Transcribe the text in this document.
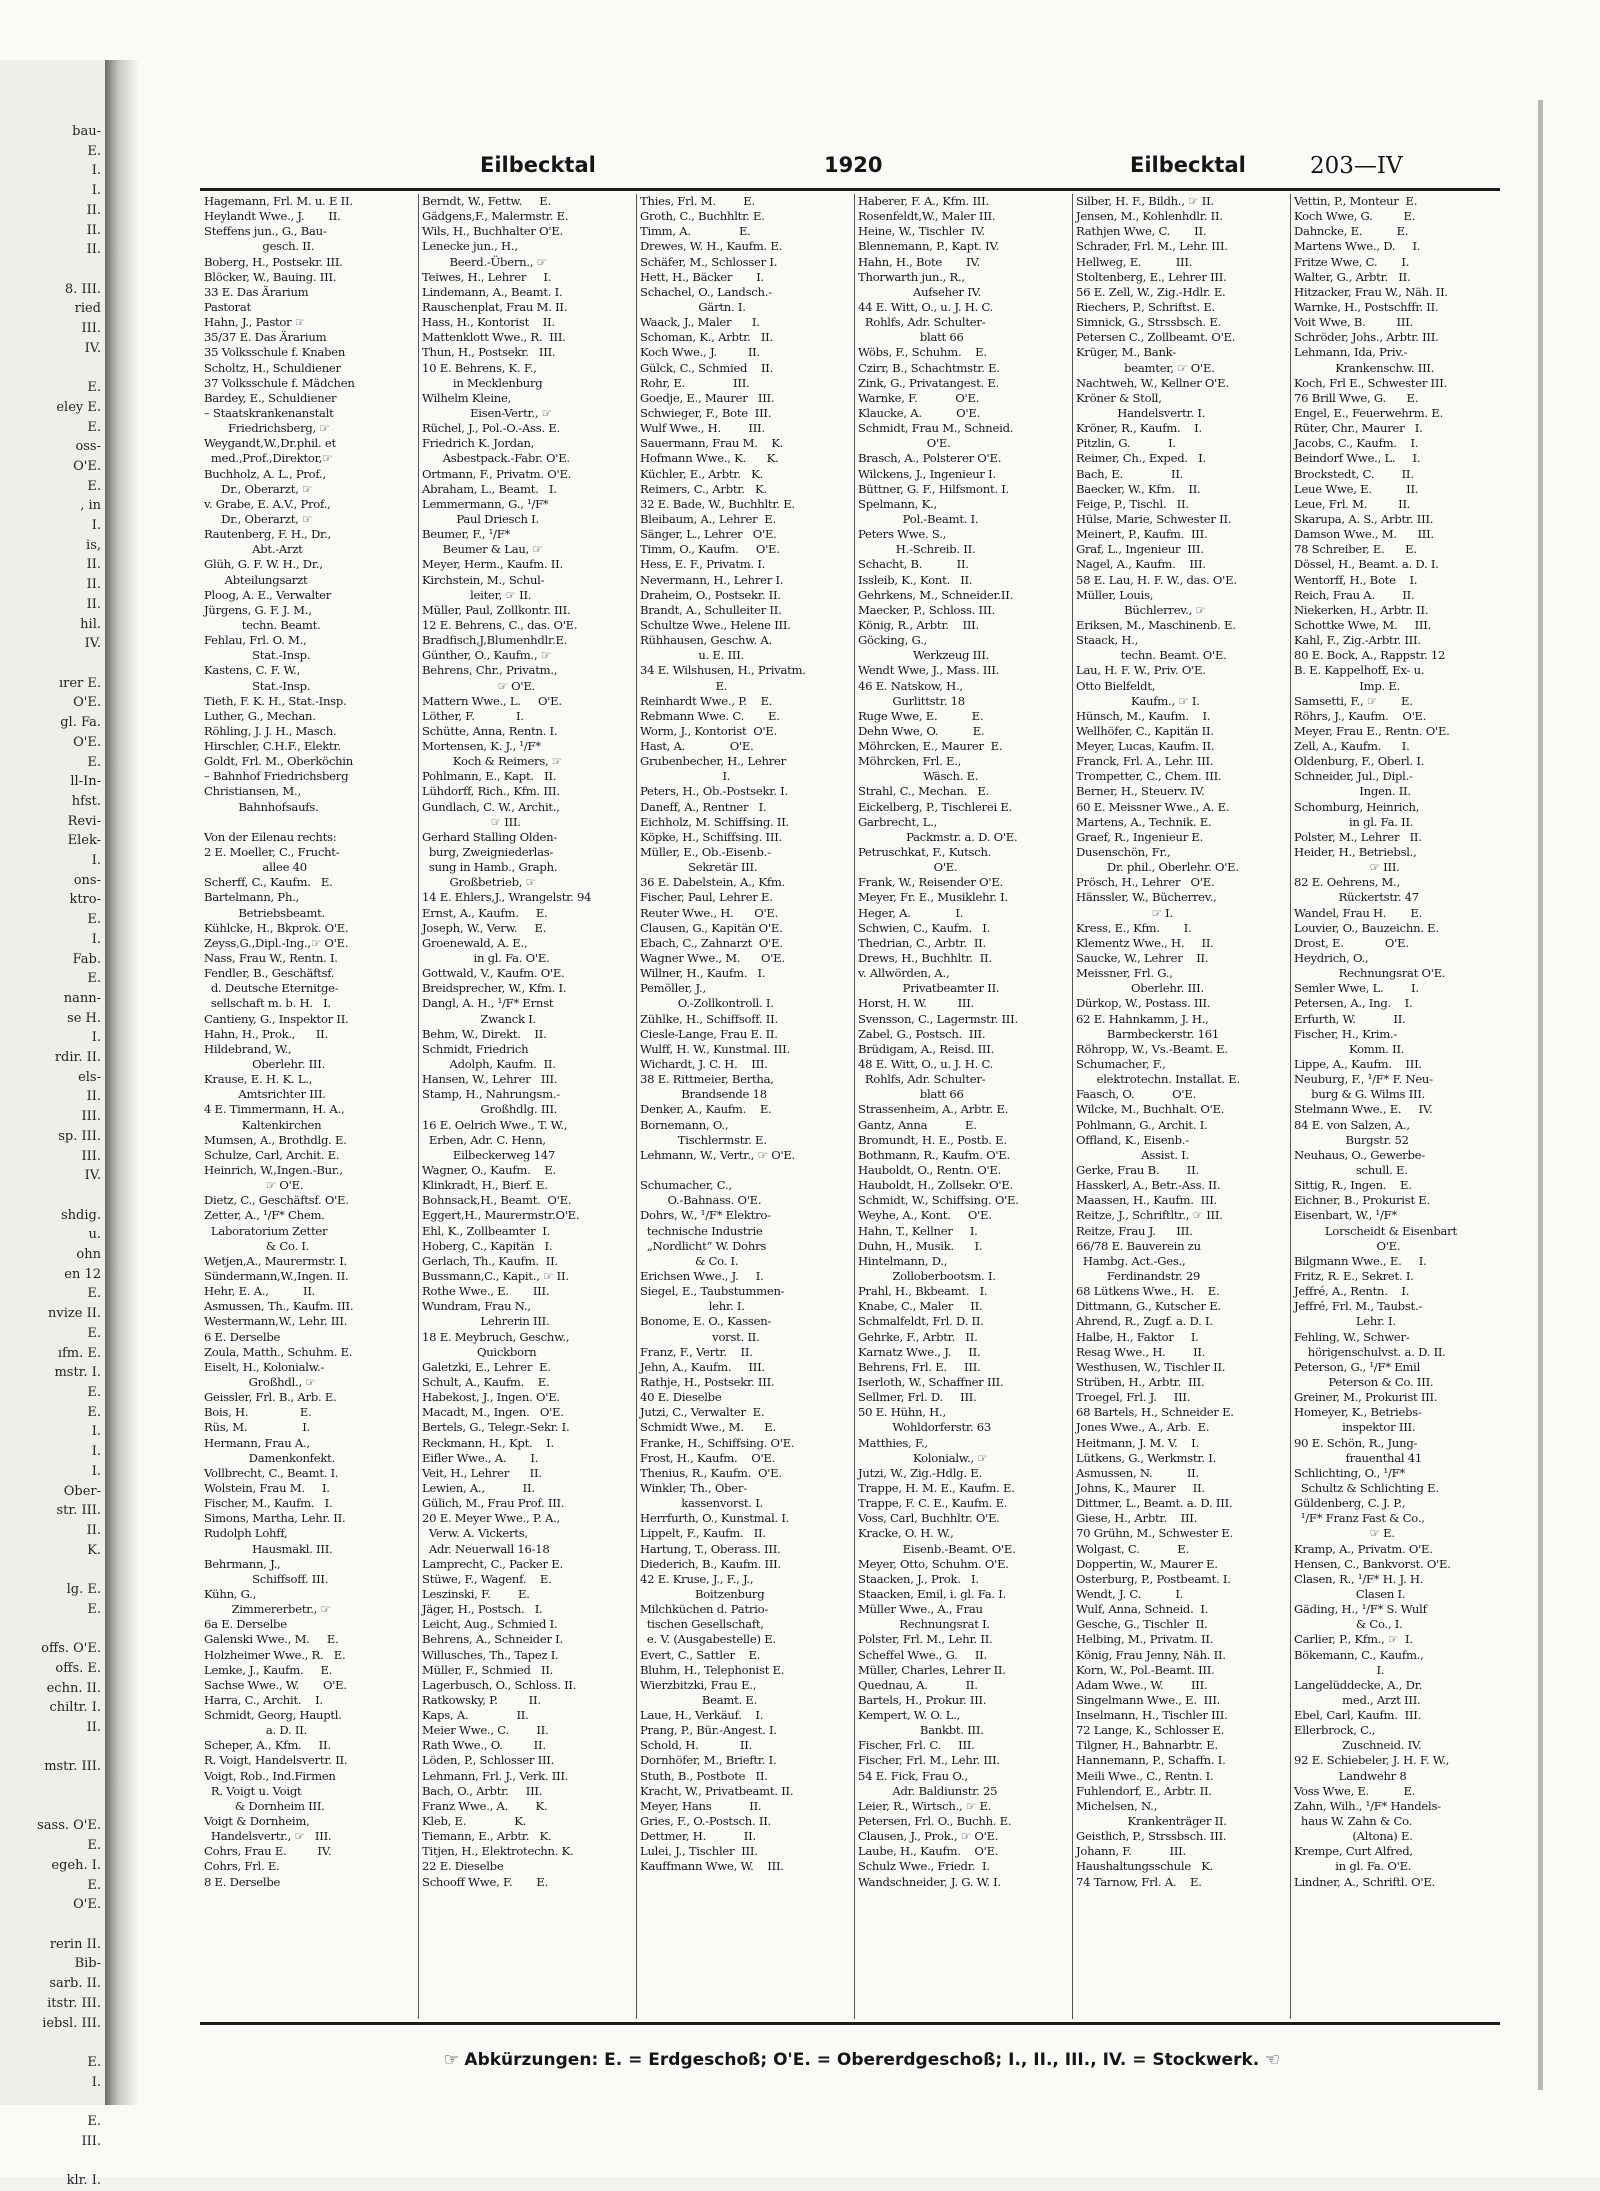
bau-
E.
I.
I.
II.
II.
II.

8. III.
ried
III.
IV.

E.
eley E.
E.
oss-
O'E.
E.
, in
I.
is,
II.
II.
II.
hil.
IV.

ırer E.
O'E.
gl. Fa.
O'E.
E.
ll-In-
hfst.
Revi-
Elek-
I.
ons-
ktro-
E.
I.
Fab.
E.
nann-
se H.
I.
rdir. II.
els-
II.
III.
sp. III.
III.
IV.

shdig.
u.
ohn
en 12
E.
nvize II.
E.
ıfm. E.
mstr. I.
E.
E.
I.
I.
I.
Ober-
str. III.
II.
K.

lg. E.
E.

offs. O'E.
offs. E.
echn. II.
chiltr. I.
II.

mstr. III.

sass. O'E.
E.
egeh. I.
E.
O'E.

rerin II.
Bib-
sarb. II.
itstr. III.
iebsl. III.

E.
I.

E.
III.

klr. I.
Eilbecktal	1920	Eilbecktal	203—IV
Hagemann, Frl. M. u. E II.
Heylandt Wwe., J.       II.
Steffens jun., G., Bau-
gesch. II.
Boberg, H., Postsekr. III.
Blöcker, W., Bauing. III.
33 E. Das Ärarium
Pastorat
Hahn, J., Pastor ☞
35/37 E. Das Ärarium
35 Volksschule f. Knaben
Scholtz, H., Schuldiener
37 Volksschule f. Mädchen
Bardey, E., Schuldiener
– Staatskrankenanstalt
Friedrichsberg, ☞
Weygandt,W.,Dr.phil. et
med.,Prof.,Direktor,☞
Buchholz, A. L., Prof.,
Dr., Oberarzt, ☞
v. Grabe, E. A.V., Prof.,
Dr., Oberarzt, ☞
Rautenberg, F. H., Dr.,
Abt.-Arzt
Glüh, G. F. W. H., Dr.,
Abteilungsarzt
Ploog, A. E., Verwalter
Jürgens, G. F. J. M.,
techn. Beamt.
Fehlau, Frl. O. M.,
Stat.-Insp.
Kastens, C. F. W.,
Stat.-Insp.
Tieth, F. K. H., Stat.-Insp.
Luther, G., Mechan.
Röhling, J. J. H., Masch.
Hirschler, C.H.F., Elektr.
Goldt, Frl. M., Oberköchin
– Bahnhof Friedrichsberg
Christiansen, M.,
Bahnhofsaufs.
Von der Eilenau rechts:
2 E. Moeller, C., Frucht-
allee 40
Scherff, C., Kaufm.   E.
Bartelmann, Ph.,
Betriebsbeamt.
Kühlcke, H., Bkprok. O'E.
Zeyss,G.,Dipl.-Ing.,☞ O'E.
Nass, Frau W., Rentn. I.
Fendler, B., Geschäftsf.
d. Deutsche Eternitge-
sellschaft m. b. H.   I.
Cantieny, G., Inspektor II.
Hahn, H., Prok.,      II.
Hildebrand, W.,
Oberlehr. III.
Krause, E. H. K. L.,
Amtsrichter III.
4 E. Timmermann, H. A.,
Kaltenkirchen
Mumsen, A., Brothdlg. E.
Schulze, Carl, Archit. E.
Heinrich, W.,Ingen.-Bur.,
☞ O'E.
Dietz, C., Geschäftsf. O'E.
Zetter, A., ¹/F* Chem.
Laboratorium Zetter
& Co. I.
Wetjen,A., Maurermstr. I.
Sündermann,W.,Ingen. II.
Hehr, E. A.,          II.
Asmussen, Th., Kaufm. III.
Westermann,W., Lehr. III.
6 E. Derselbe
Zoula, Matth., Schuhm. E.
Eiselt, H., Kolonialw.-
Großhdl., ☞
Geissler, Frl. B., Arb. E.
Bois, H.               E.
Rüs, M.                I.
Hermann, Frau A.,
Damenkonfekt.
Vollbrecht, C., Beamt. I.
Wolstein, Frau M.     I.
Fischer, M., Kaufm.   I.
Simons, Martha, Lehr. II.
Rudolph Lohff,
Hausmakl. III.
Behrmann, J.,
Schiffsoff. III.
Kühn, G.,
Zimmererbetr., ☞
6a E. Derselbe
Galenski Wwe., M.     E.
Holzheimer Wwe., R.   E.
Lemke, J., Kaufm.     E.
Sachse Wwe., W.       O'E.
Harra, C., Archit.    I.
Schmidt, Georg, Hauptl.
a. D. II.
Scheper, A., Kfm.     II.
R. Voigt, Handelsvertr. II.
Voigt, Rob., Ind.Firmen
R. Voigt u. Voigt
& Dornheim III.
Voigt & Dornheim,
Handelsvertr., ☞   III.
Cohrs, Frau E.         IV.
Cohrs, Frl. E.
8 E. Derselbe
Berndt, W., Fettw.     E.
Gädgens,F., Malermstr. E.
Wils, H., Buchhalter O'E.
Lenecke jun., H.,
Beerd.-Übern., ☞
Teiwes, H., Lehrer     I.
Lindemann, A., Beamt. I.
Rauschenplat, Frau M. II.
Hass, H., Kontorist    II.
Mattenklott Wwe., R.  III.
Thun, H., Postsekr.   III.
10 E. Behrens, K. F.,
in Mecklenburg
Wilhelm Kleine,
Eisen-Vertr., ☞
Rüchel, J., Pol.-O.-Ass. E.
Friedrich K. Jordan,
Asbestpack.-Fabr. O'E.
Ortmann, F., Privatm. O'E.
Abraham, L., Beamt.   I.
Lemmermann, G., ¹/F*
Paul Driesch I.
Beumer, F., ¹/F*
Beumer & Lau, ☞
Meyer, Herm., Kaufm. II.
Kirchstein, M., Schul-
leiter, ☞ II.
Müller, Paul, Zollkontr. III.
12 E. Behrens, C., das. O'E.
Bradfisch,J,Blumenhdlr.E.
Günther, O., Kaufm., ☞
Behrens, Chr., Privatm.,
☞ O'E.
Mattern Wwe., L.     O'E.
Löther, F.            I.
Schütte, Anna, Rentn. I.
Mortensen, K. J., ¹/F*
Koch & Reimers, ☞
Pohlmann, E., Kapt.   II.
Lühdorff, Rich., Kfm. III.
Gundlach, C. W., Archit.,
☞ III.
Gerhard Stalling Olden-
burg, Zweigniederlas-
sung in Hamb., Graph.
Großbetrieb, ☞
14 E. Ehlers,J., Wrangelstr. 94
Ernst, A., Kaufm.     E.
Joseph, W., Verw.     E.
Groenewald, A. E.,
in gl. Fa. O'E.
Gottwald, V., Kaufm. O'E.
Breidsprecher, W., Kfm. I.
Dangl, A. H., ¹/F* Ernst
Zwanck I.
Behm, W., Direkt.    II.
Schmidt, Friedrich
Adolph, Kaufm.  II.
Hansen, W., Lehrer   III.
Stamp, H., Nahrungsm.-
Großhdlg. III.
16 E. Oelrich Wwe., T. W.,
Erben, Adr. C. Henn,
Eilbeckerweg 147
Wagner, O., Kaufm.    E.
Klinkradt, H., Bierf. E.
Bohnsack,H., Beamt.  O'E.
Eggert,H., Maurermstr.O'E.
Ehl, K., Zollbeamter  I.
Hoberg, C., Kapitän   I.
Gerlach, Th., Kaufm.  II.
Bussmann,C., Kapit., ☞ II.
Rothe Wwe., E.       III.
Wundram, Frau N.,
Lehrerin III.
18 E. Meybruch, Geschw.,
Quickborn
Galetzki, E., Lehrer  E.
Schult, A., Kaufm.    E.
Habekost, J., Ingen. O'E.
Macadt, M., Ingen.   O'E.
Bertels, G., Telegr.-Sekr. I.
Reckmann, H., Kpt.    I.
Eifler Wwe., A.       I.
Veit, H., Lehrer      II.
Lewien, A.,           II.
Gülich, M., Frau Prof. III.
20 E. Meyer Wwe., P. A.,
Verw. A. Vickerts,
Adr. Neuerwall 16-18
Lamprecht, C., Packer E.
Stüwe, F., Wagenf.    E.
Leszinski, F.        E.
Jäger, H., Postsch.   I.
Leicht, Aug., Schmied I.
Behrens, A., Schneider I.
Willusches, Th., Tapez I.
Müller, F., Schmied   II.
Lagerbusch, O., Schloss. II.
Ratkowsky, P.         II.
Kaps, A.              II.
Meier Wwe., C.        II.
Rath Wwe., O.         II.
Löden, P., Schlosser III.
Lehmann, Frl. J., Verk. III.
Bach, O., Arbtr.     III.
Franz Wwe., A.        K.
Kleb, E.              K.
Tiemann, E., Arbtr.   K.
Titjen, H., Elektrotechn. K.
22 E. Dieselbe
Schooff Wwe, F.       E.
Thies, Frl. M.        E.
Groth, C., Buchhltr. E.
Timm, A.              E.
Drewes, W. H., Kaufm. E.
Schäfer, M., Schlosser I.
Hett, H., Bäcker       I.
Schachel, O., Landsch.-
Gärtn. I.
Waack, J., Maler      I.
Schoman, K., Arbtr.   II.
Koch Wwe., J.         II.
Gülck, C., Schmied    II.
Rohr, E.              III.
Goedje, E., Maurer   III.
Schwieger, F., Bote  III.
Wulf Wwe., H.        III.
Sauermann, Frau M.    K.
Hofmann Wwe., K.      K.
Küchler, E., Arbtr.   K.
Reimers, C., Arbtr.   K.
32 E. Bade, W., Buchhltr. E.
Bleibaum, A., Lehrer  E.
Sänger, L., Lehrer   O'E.
Timm, O., Kaufm.     O'E.
Hess, E. F., Privatm. I.
Nevermann, H., Lehrer I.
Draheim, O., Postsekr. II.
Brandt, A., Schulleiter II.
Schultze Wwe., Helene III.
Rühhausen, Geschw. A.
u. E. III.
34 E. Wilshusen, H., Privatm.
E.
Reinhardt Wwe., P.    E.
Rebmann Wwe. C.       E.
Worm, J., Kontorist  O'E.
Hast, A.             O'E.
Grubenbecher, H., Lehrer
I.
Peters, H., Ob.-Postsekr. I.
Daneff, A., Rentner   I.
Eichholz, M. Schiffsing. II.
Köpke, H., Schiffsing. III.
Müller, E., Ob.-Eisenb.-
Sekretär III.
36 E. Dabelstein, A., Kfm.
Fischer, Paul, Lehrer E.
Reuter Wwe., H.      O'E.
Clausen, G., Kapitän O'E.
Ebach, C., Zahnarzt  O'E.
Wagner Wwe., M.      O'E.
Willner, H., Kaufm.   I.
Pemöller, J.,
O.-Zollkontroll. I.
Zühlke, H., Schiffsoff. II.
Ciesle-Lange, Frau E. II.
Wulff, H. W., Kunstmal. III.
Wichardt, J. C. H.    III.
38 E. Rittmeier, Bertha,
Brandsende 18
Denker, A., Kaufm.    E.
Bornemann, O.,
Tischlermstr. E.
Lehmann, W., Vertr., ☞ O'E.
Schumacher, C.,
O.-Bahnass. O'E.
Dohrs, W., ¹/F* Elektro-
technische Industrie
„Nordlicht“ W. Dohrs
& Co. I.
Erichsen Wwe., J.     I.
Siegel, E., Taubstummen-
lehr. I.
Bonome, E. O., Kassen-
vorst. II.
Franz, F., Vertr.    II.
Jehn, A., Kaufm.     III.
Rathje, H., Postsekr. III.
40 E. Dieselbe
Jutzi, C., Verwalter  E.
Schmidt Wwe., M.      E.
Franke, H., Schiffsing. O'E.
Frost, H., Kaufm.    O'E.
Thenius, R., Kaufm.  O'E.
Winkler, Th., Ober-
kassenvorst. I.
Herrfurth, O., Kunstmal. I.
Lippelt, F., Kaufm.   II.
Hartung, T., Oberass. III.
Diederich, B., Kaufm. III.
42 E. Kruse, J., F., J.,
Boitzenburg
Milchküchen d. Patrio-
tischen Gesellschaft,
e. V. (Ausgabestelle) E.
Evert, C., Sattler    E.
Bluhm, H., Telephonist E.
Wierzbitzki, Frau E.,
Beamt. E.
Laue, H., Verkäuf.    I.
Prang, P., Bür.-Angest. I.
Schold, H.            II.
Dornhöfer, M., Brieftr. I.
Stuth, B., Postbote   II.
Kracht, W., Privatbeamt. II.
Meyer, Hans           II.
Gries, F., O.-Postsch. II.
Dettmer, H.           II.
Lulei, J., Tischler  III.
Kauffmann Wwe, W.    III.
Haberer, F. A., Kfm. III.
Rosenfeldt,W., Maler III.
Heine, W., Tischler  IV.
Blennemann, P., Kapt. IV.
Hahn, H., Bote       IV.
Thorwarth jun., R.,
Aufseher IV.
44 E. Witt, O., u. J. H. C.
Rohlfs, Adr. Schulter-
blatt 66
Wöbs, F., Schuhm.    E.
Czirr, B., Schachtmstr. E.
Zink, G., Privatangest. E.
Warnke, F.           O'E.
Klaucke, A.          O'E.
Schmidt, Frau M., Schneid.
O'E.
Brasch, A., Polsterer O'E.
Wilckens, J., Ingenieur I.
Büttner, G. F., Hilfsmont. I.
Spelmann, K.,
Pol.-Beamt. I.
Peters Wwe. S.,
H.-Schreib. II.
Schacht, B.          II.
Issleib, K., Kont.   II.
Gehrkens, M., Schneider.II.
Maecker, P., Schloss. III.
König, R., Arbtr.    III.
Göcking, G.,
Werkzeug III.
Wendt Wwe, J., Mass. III.
46 E. Natskow, H.,
Gurlittstr. 18
Ruge Wwe, E.          E.
Dehn Wwe, O.          E.
Möhrcken, E., Maurer  E.
Möhrcken, Frl. E.,
Wäsch. E.
Strahl, C., Mechan.   E.
Eickelberg, P., Tischlerei E.
Garbrecht, L.,
Packmstr. a. D. O'E.
Petruschkat, F., Kutsch.
O'E.
Frank, W., Reisender O'E.
Meyer, Fr. E., Musiklehr. I.
Heger, A.             I.
Schwien, C., Kaufm.   I.
Thedrian, C., Arbtr.  II.
Drews, H., Buchhltr.  II.
v. Allwörden, A.,
Privatbeamter II.
Horst, H. W.         III.
Svensson, C., Lagermstr. III.
Zabel, G., Postsch.  III.
Brüdigam, A., Reisd. III.
48 E. Witt, O., u. J. H. C.
Rohlfs, Adr. Schulter-
blatt 66
Strassenheim, A., Arbtr. E.
Gantz, Anna           E.
Bromundt, H. E., Postb. E.
Bothmann, R., Kaufm. O'E.
Hauboldt, O., Rentn. O'E.
Hauboldt, H., Zollsekr. O'E.
Schmidt, W., Schiffsing. O'E.
Weyhe, A., Kont.     O'E.
Hahn, T., Kellner     I.
Duhn, H., Musik.      I.
Hintelmann, D.,
Zolloberbootsm. I.
Prahl, H., Bkbeamt.   I.
Knabe, C., Maler     II.
Schmalfeldt, Frl. D. II.
Gehrke, F., Arbtr.   II.
Karnatz Wwe., J.     II.
Behrens, Frl. E.     III.
Iserloth, W., Schaffner III.
Sellmer, Frl. D.     III.
50 E. Hühn, H.,
Wohldorferstr. 63
Matthies, F.,
Kolonialw., ☞
Jutzi, W., Zig.-Hdlg. E.
Trappe, H. M. E., Kaufm. E.
Trappe, F. C. E., Kaufm. E.
Voss, Carl, Buchhltr. O'E.
Kracke, O. H. W.,
Eisenb.-Beamt. O'E.
Meyer, Otto, Schuhm. O'E.
Staacken, J., Prok.   I.
Staacken, Emil, i. gl. Fa. I.
Müller Wwe., A., Frau
Rechnungsrat I.
Polster, Frl. M., Lehr. II.
Scheffel Wwe., G.     II.
Müller, Charles, Lehrer II.
Quednau, A.           II.
Bartels, H., Prokur. III.
Kempert, W. O. L.,
Bankbt. III.
Fischer, Frl. C.     III.
Fischer, Frl. M., Lehr. III.
54 E. Fick, Frau O.,
Adr. Baldiunstr. 25
Leier, R., Wirtsch., ☞ E.
Petersen, Frl. O., Buchh. E.
Clausen, J., Prok., ☞ O'E.
Laube, H., Kaufm.    O'E.
Schulz Wwe., Friedr.  I.
Wandschneider, J. G. W. I.
Silber, H. F., Bildh., ☞ II.
Jensen, M., Kohlenhdlr. II.
Rathjen Wwe, C.       II.
Schrader, Frl. M., Lehr. III.
Hellweg, E.          III.
Stoltenberg, E., Lehrer III.
56 E. Zell, W., Zig.-Hdlr. E.
Riechers, P., Schriftst. E.
Simnick, G., Strssbsch. E.
Petersen C., Zollbeamt. O'E.
Krüger, M., Bank-
beamter, ☞ O'E.
Nachtweh, W., Kellner O'E.
Kröner & Stoll,
Handelsvertr. I.
Kröner, R., Kaufm.    I.
Pitzlin, G.           I.
Reimer, Ch., Exped.   I.
Bach, E.              II.
Baecker, W., Kfm.    II.
Feige, P., Tischl.   II.
Hülse, Marie, Schwester II.
Meinert, P., Kaufm.  III.
Graf, L., Ingenieur  III.
Nagel, A., Kaufm.    III.
58 E. Lau, H. F. W., das. O'E.
Müller, Louis,
Büchlerrev., ☞
Eriksen, M., Maschinenb. E.
Staack, H.,
techn. Beamt. O'E.
Lau, H. F. W., Priv. O'E.
Otto Bielfeldt,
Kaufm., ☞ I.
Hünsch, M., Kaufm.    I.
Wellhöfer, C., Kapitän II.
Meyer, Lucas, Kaufm. II.
Franck, Frl. A., Lehr. III.
Trompetter, C., Chem. III.
Berner, H., Steuerv. IV.
60 E. Meissner Wwe., A. E.
Martens, A., Technik. E.
Graef, R., Ingenieur E.
Dusenschön, Fr.,
Dr. phil., Oberlehr. O'E.
Prösch, H., Lehrer   O'E.
Hänssler, W., Bücherrev.,
☞ I.
Kress, E., Kfm.       I.
Klementz Wwe., H.     II.
Saucke, W., Lehrer    II.
Meissner, Frl. G.,
Oberlehr. III.
Dürkop, W., Postass. III.
62 E. Hahnkamm, J. H.,
Barmbeckerstr. 161
Röhropp, W., Vs.-Beamt. E.
Schumacher, F.,
elektrotechn. Installat. E.
Faasch, O.           O'E.
Wilcke, M., Buchhalt. O'E.
Pohlmann, G., Archit. I.
Offland, K., Eisenb.-
Assist. I.
Gerke, Frau B.        II.
Hasskerl, A., Betr.-Ass. II.
Maassen, H., Kaufm.  III.
Reitze, J., Schriftltr., ☞ III.
Reitze, Frau J.      III.
66/78 E. Bauverein zu
Hambg. Act.-Ges.,
Ferdinandstr. 29
68 Lütkens Wwe., H.    E.
Dittmann, G., Kutscher E.
Ahrend, R., Zugf. a. D. I.
Halbe, H., Faktor     I.
Resag Wwe., H.        II.
Westhusen, W., Tischler II.
Strüben, H., Arbtr.  III.
Troegel, Frl. J.     III.
68 Bartels, H., Schneider E.
Jones Wwe., A., Arb.  E.
Heitmann, J. M. V.    I.
Lütkens, G., Werkmstr. I.
Asmussen, N.          II.
Johns, K., Maurer     II.
Dittmer, L., Beamt. a. D. III.
Giese, H., Arbtr.    III.
70 Grühn, M., Schwester E.
Wolgast, C.           E.
Doppertin, W., Maurer E.
Osterburg, P., Postbeamt. I.
Wendt, J. C.          I.
Wulf, Anna, Schneid.  I.
Gesche, G., Tischler  II.
Helbing, M., Privatm. II.
König, Frau Jenny, Näh. II.
Korn, W., Pol.-Beamt. III.
Adam Wwe., W.        III.
Singelmann Wwe., E.  III.
Inselmann, H., Tischler III.
72 Lange, K., Schlosser E.
Tilgner, H., Bahnarbtr. E.
Hannemann, P., Schaffn. I.
Meili Wwe., C., Rentn. I.
Fuhlendorf, E., Arbtr. II.
Michelsen, N.,
Krankenträger II.
Geistlich, P., Strssbsch. III.
Johann, F.           III.
Haushaltungsschule   K.
74 Tarnow, Frl. A.    E.
Vettin, P., Monteur  E.
Koch Wwe, G.         E.
Dahncke, E.          E.
Martens Wwe., D.     I.
Fritze Wwe, C.       I.
Walter, G., Arbtr.   II.
Hitzacker, Frau W., Näh. II.
Warnke, H., Postschffr. II.
Voit Wwe, B.         III.
Schröder, Johs., Arbtr. III.
Lehmann, Ida, Priv.-
Krankenschw. III.
Koch, Frl E., Schwester III.
76 Brill Wwe, G.      E.
Engel, E., Feuerwehrm. E.
Rüter, Chr., Maurer   I.
Jacobs, C., Kaufm.    I.
Beindorf Wwe., L.     I.
Brockstedt, C.        II.
Leue Wwe, E.          II.
Leue, Frl. M.         II.
Skarupa, A. S., Arbtr. III.
Damson Wwe., M.      III.
78 Schreiber, E.      E.
Dössel, H., Beamt. a. D. I.
Wentorff, H., Bote    I.
Reich, Frau A.        II.
Niekerken, H., Arbtr. II.
Schottke Wwe, M.     III.
Kahl, F., Zig.-Arbtr. III.
80 E. Bock, A., Rappstr. 12
B. E. Kappelhoff, Ex- u.
Imp. E.
Samsetti, F., ☞       E.
Röhrs, J., Kaufm.    O'E.
Meyer, Frau E., Rentn. O'E.
Zell, A., Kaufm.      I.
Oldenburg, F., Oberl. I.
Schneider, Jul., Dipl.-
Ingen. II.
Schomburg, Heinrich,
in gl. Fa. II.
Polster, M., Lehrer   II.
Heider, H., Betriebsl.,
☞ III.
82 E. Oehrens, M.,
Rückertstr. 47
Wandel, Frau H.       E.
Louvier, O., Bauzeichn. E.
Drost, E.            O'E.
Heydrich, O.,
Rechnungsrat O'E.
Semler Wwe, L.        I.
Petersen, A., Ing.    I.
Erfurth, W.           II.
Fischer, H., Krim.-
Komm. II.
Lippe, A., Kaufm.    III.
Neuburg, F., ¹/F* F. Neu-
burg & G. Wilms III.
Stelmann Wwe., E.     IV.
84 E. von Salzen, A.,
Burgstr. 52
Neuhaus, O., Gewerbe-
schull. E.
Sittig, R., Ingen.    E.
Eichner, B., Prokurist E.
Eisenbart, W., ¹/F*
Lorscheidt & Eisenbart
O'E.
Bilgmann Wwe., E.     I.
Fritz, R. E., Sekret. I.
Jeffré, A., Rentn.    I.
Jeffré, Frl. M., Taubst.-
Lehr. I.
Fehling, W., Schwer-
hörigenschulvst. a. D. II.
Peterson, G., ¹/F* Emil
Peterson & Co. III.
Greiner, M., Prokurist III.
Homeyer, K., Betriebs-
inspektor III.
90 E. Schön, R., Jung-
frauenthal 41
Schlichting, O., ¹/F*
Schultz & Schlichting E.
Güldenberg, C. J. P.,
¹/F* Franz Fast & Co.,
☞ E.
Kramp, A., Privatm. O'E.
Hensen, C., Bankvorst. O'E.
Clasen, R., ¹/F* H. J. H.
Clasen I.
Gäding, H., ¹/F* S. Wulf
& Co., I.
Carlier, P., Kfm., ☞  I.
Bökemann, C., Kaufm.,
I.
Langelüddecke, A., Dr.
med., Arzt III.
Ebel, Carl, Kaufm.  III.
Ellerbrock, C.,
Zuschneid. IV.
92 E. Schiebeler, J. H. F. W.,
Landwehr 8
Voss Wwe, E.          E.
Zahn, Wilh., ¹/F* Handels-
haus W. Zahn & Co.
(Altona) E.
Krempe, Curt Alfred,
in gl. Fa. O'E.
Lindner, A., Schriftl. O'E.

☞ Abkürzungen: E. = Erdgeschoß; O'E. = Obererdgeschoß; I., II., III., IV. = Stockwerk. ☜
